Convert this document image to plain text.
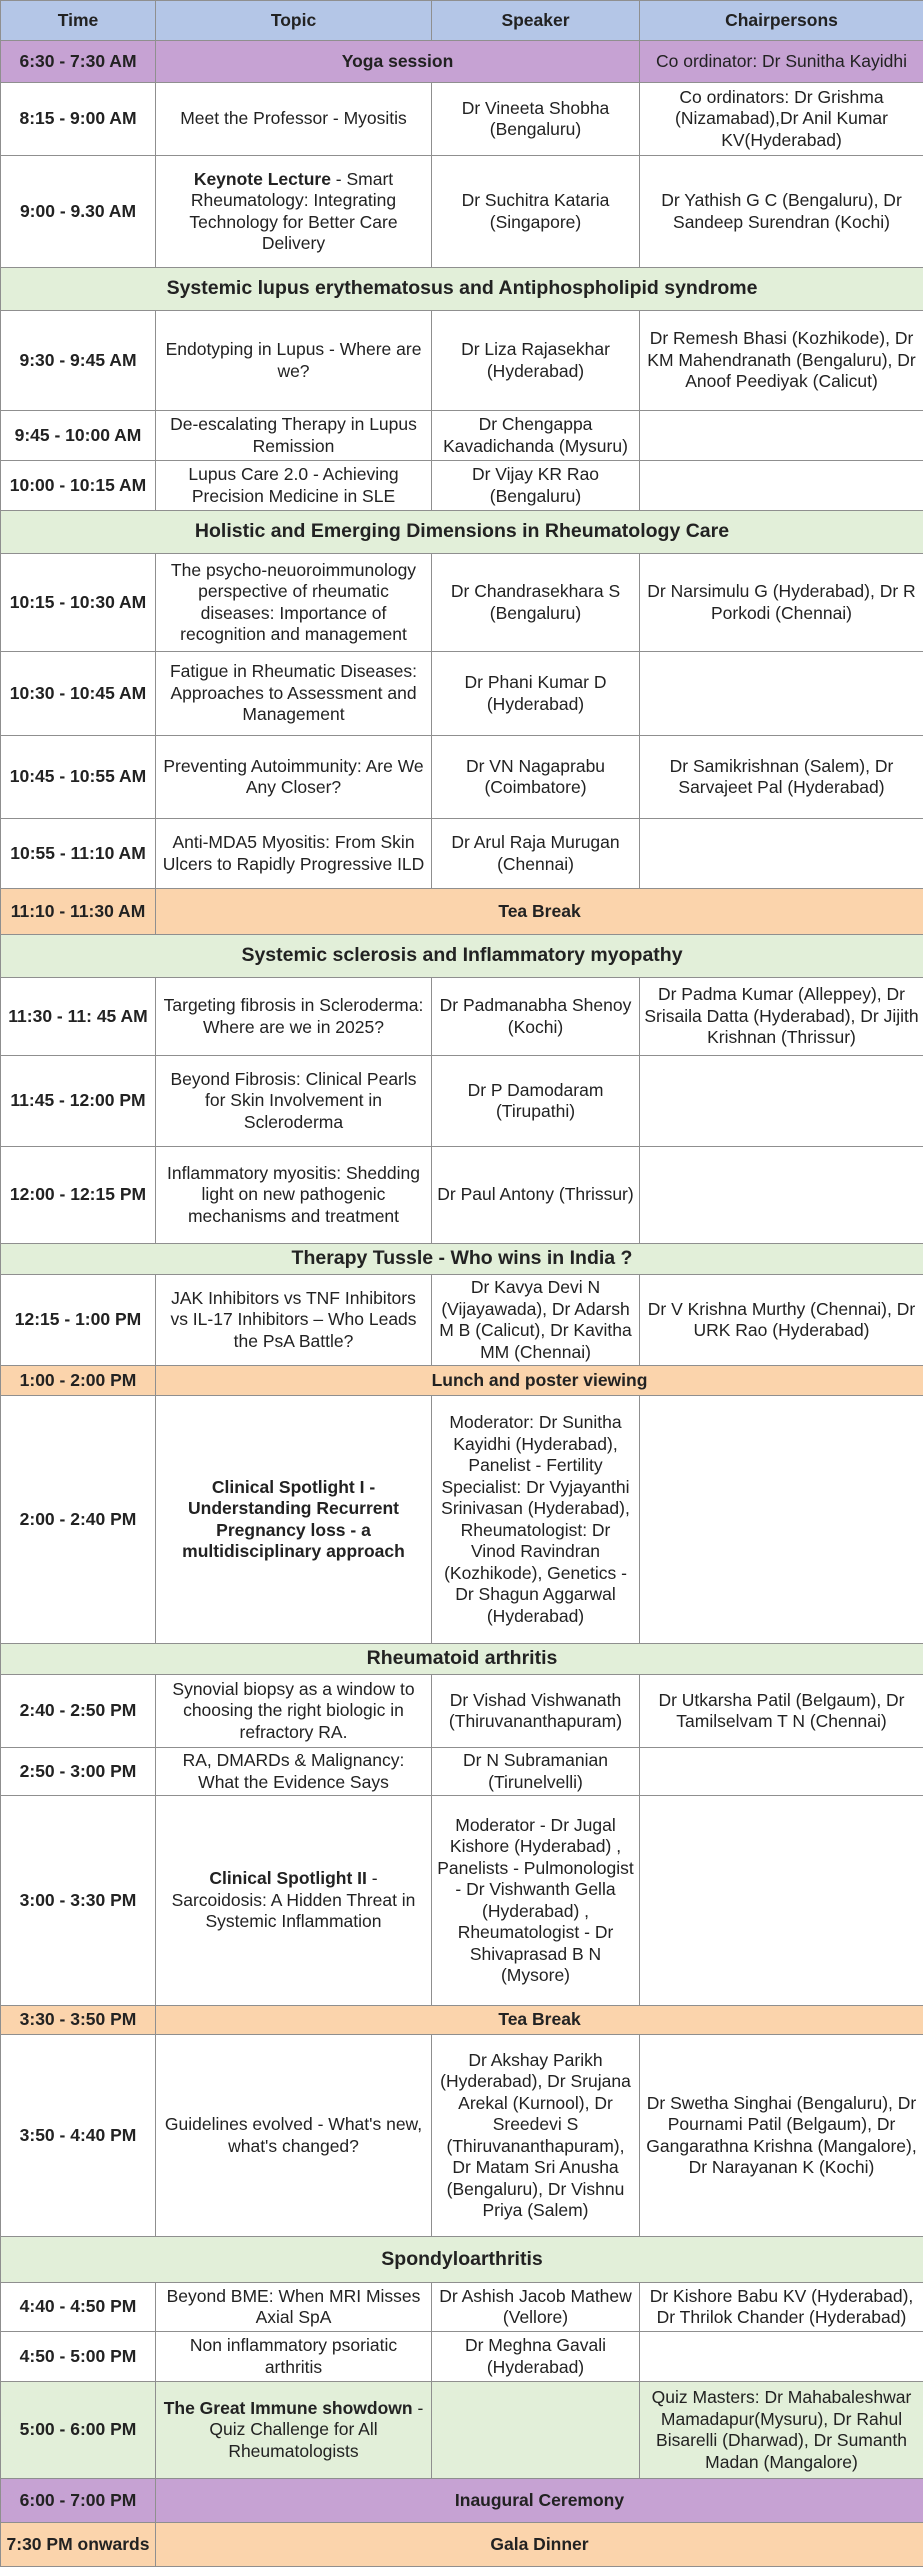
Time	Topic	Speaker	Chairpersons
6:30 - 7:30 AM	Yoga session		Co ordinator: Dr Sunitha Kayidhi
8:15 - 9:00 AM	Meet the Professor - Myositis	Dr Vineeta Shobha (Bengaluru)	Co ordinators: Dr Grishma (Nizamabad),Dr Anil Kumar KV(Hyderabad)
9:00 - 9.30 AM	Keynote Lecture - Smart Rheumatology: Integrating Technology for Better Care Delivery	Dr Suchitra Kataria (Singapore)	Dr Yathish G C (Bengaluru), Dr Sandeep Surendran (Kochi)
Systemic lupus erythematosus and Antiphospholipid syndrome			
9:30 - 9:45 AM	Endotyping in Lupus - Where are we?	Dr Liza Rajasekhar (Hyderabad)	Dr Remesh Bhasi (Kozhikode), Dr KM Mahendranath (Bengaluru), Dr Anoof Peediyak (Calicut)
9:45 - 10:00 AM	De-escalating Therapy in Lupus Remission	Dr Chengappa Kavadichanda (Mysuru)	
10:00 - 10:15 AM	Lupus Care 2.0 - Achieving Precision Medicine in SLE	Dr Vijay KR Rao (Bengaluru)	
Holistic and Emerging Dimensions in Rheumatology Care			
10:15 - 10:30 AM	The psycho-neuoroimmunology perspective of rheumatic diseases: Importance of recognition and management	Dr Chandrasekhara S (Bengaluru)	Dr Narsimulu G (Hyderabad), Dr R Porkodi (Chennai)
10:30 - 10:45 AM	Fatigue in Rheumatic Diseases: Approaches to Assessment and Management	Dr Phani Kumar D (Hyderabad)	
10:45 - 10:55 AM	Preventing Autoimmunity: Are We Any Closer?	Dr VN Nagaprabu (Coimbatore)	Dr Samikrishnan (Salem), Dr Sarvajeet Pal (Hyderabad)
10:55 - 11:10 AM	Anti-MDA5 Myositis: From Skin Ulcers to Rapidly Progressive ILD	Dr Arul Raja Murugan (Chennai)	
11:10 - 11:30 AM	Tea Break		
Systemic sclerosis and Inflammatory myopathy			
11:30 - 11: 45 AM	Targeting fibrosis in Scleroderma: Where are we in 2025?	Dr Padmanabha Shenoy (Kochi)	Dr Padma Kumar (Alleppey), Dr Srisaila Datta (Hyderabad), Dr Jijith Krishnan (Thrissur)
11:45 - 12:00 PM	Beyond Fibrosis: Clinical Pearls for Skin Involvement in Scleroderma	Dr P Damodaram (Tirupathi)	
12:00 - 12:15 PM	Inflammatory myositis: Shedding light on new pathogenic mechanisms and treatment	Dr Paul Antony (Thrissur)	
Therapy Tussle - Who wins in India ?			
12:15 - 1:00 PM	JAK Inhibitors vs TNF Inhibitors vs IL-17 Inhibitors – Who Leads the PsA Battle?	Dr Kavya Devi N (Vijayawada), Dr Adarsh M B (Calicut), Dr Kavitha MM (Chennai)	Dr V Krishna Murthy (Chennai), Dr URK Rao (Hyderabad)
1:00 - 2:00 PM	Lunch and poster viewing		
2:00 - 2:40 PM	Clinical Spotlight I - Understanding Recurrent Pregnancy loss - a multidisciplinary approach	Moderator: Dr Sunitha Kayidhi (Hyderabad), Panelist - Fertility Specialist: Dr Vyjayanthi Srinivasan (Hyderabad), Rheumatologist: Dr Vinod Ravindran (Kozhikode), Genetics - Dr Shagun Aggarwal (Hyderabad)	
Rheumatoid arthritis			
2:40 - 2:50 PM	Synovial biopsy as a window to choosing the right biologic in refractory RA.	Dr Vishad Vishwanath (Thiruvananthapuram)	Dr Utkarsha Patil (Belgaum), Dr Tamilselvam T N (Chennai)
2:50 - 3:00 PM	RA, DMARDs & Malignancy: What the Evidence Says	Dr N Subramanian (Tirunelvelli)	
3:00 - 3:30 PM	Clinical Spotlight II - Sarcoidosis: A Hidden Threat in Systemic Inflammation	Moderator - Dr Jugal Kishore (Hyderabad) , Panelists - Pulmonologist - Dr Vishwanth Gella (Hyderabad) , Rheumatologist - Dr Shivaprasad B N (Mysore)	
3:30 - 3:50 PM	Tea Break		
3:50 - 4:40 PM	Guidelines evolved - What's new, what's changed?	Dr Akshay Parikh (Hyderabad), Dr Srujana Arekal (Kurnool), Dr Sreedevi S (Thiruvananthapuram), Dr Matam Sri Anusha (Bengaluru), Dr Vishnu Priya (Salem)	Dr Swetha Singhai (Bengaluru), Dr Pournami Patil (Belgaum), Dr Gangarathna Krishna (Mangalore), Dr Narayanan K (Kochi)
Spondyloarthritis			
4:40 - 4:50 PM	Beyond BME: When MRI Misses Axial SpA	Dr Ashish Jacob Mathew (Vellore)	Dr Kishore Babu KV (Hyderabad), Dr Thrilok Chander (Hyderabad)
4:50 - 5:00 PM	Non inflammatory psoriatic arthritis	Dr Meghna Gavali (Hyderabad)	
5:00 - 6:00 PM	The Great Immune showdown - Quiz Challenge for All Rheumatologists		Quiz Masters: Dr Mahabaleshwar Mamadapur(Mysuru), Dr Rahul Bisarelli (Dharwad), Dr Sumanth Madan (Mangalore)
6:00 - 7:00 PM	Inaugural Ceremony		
7:30 PM onwards	Gala Dinner		
